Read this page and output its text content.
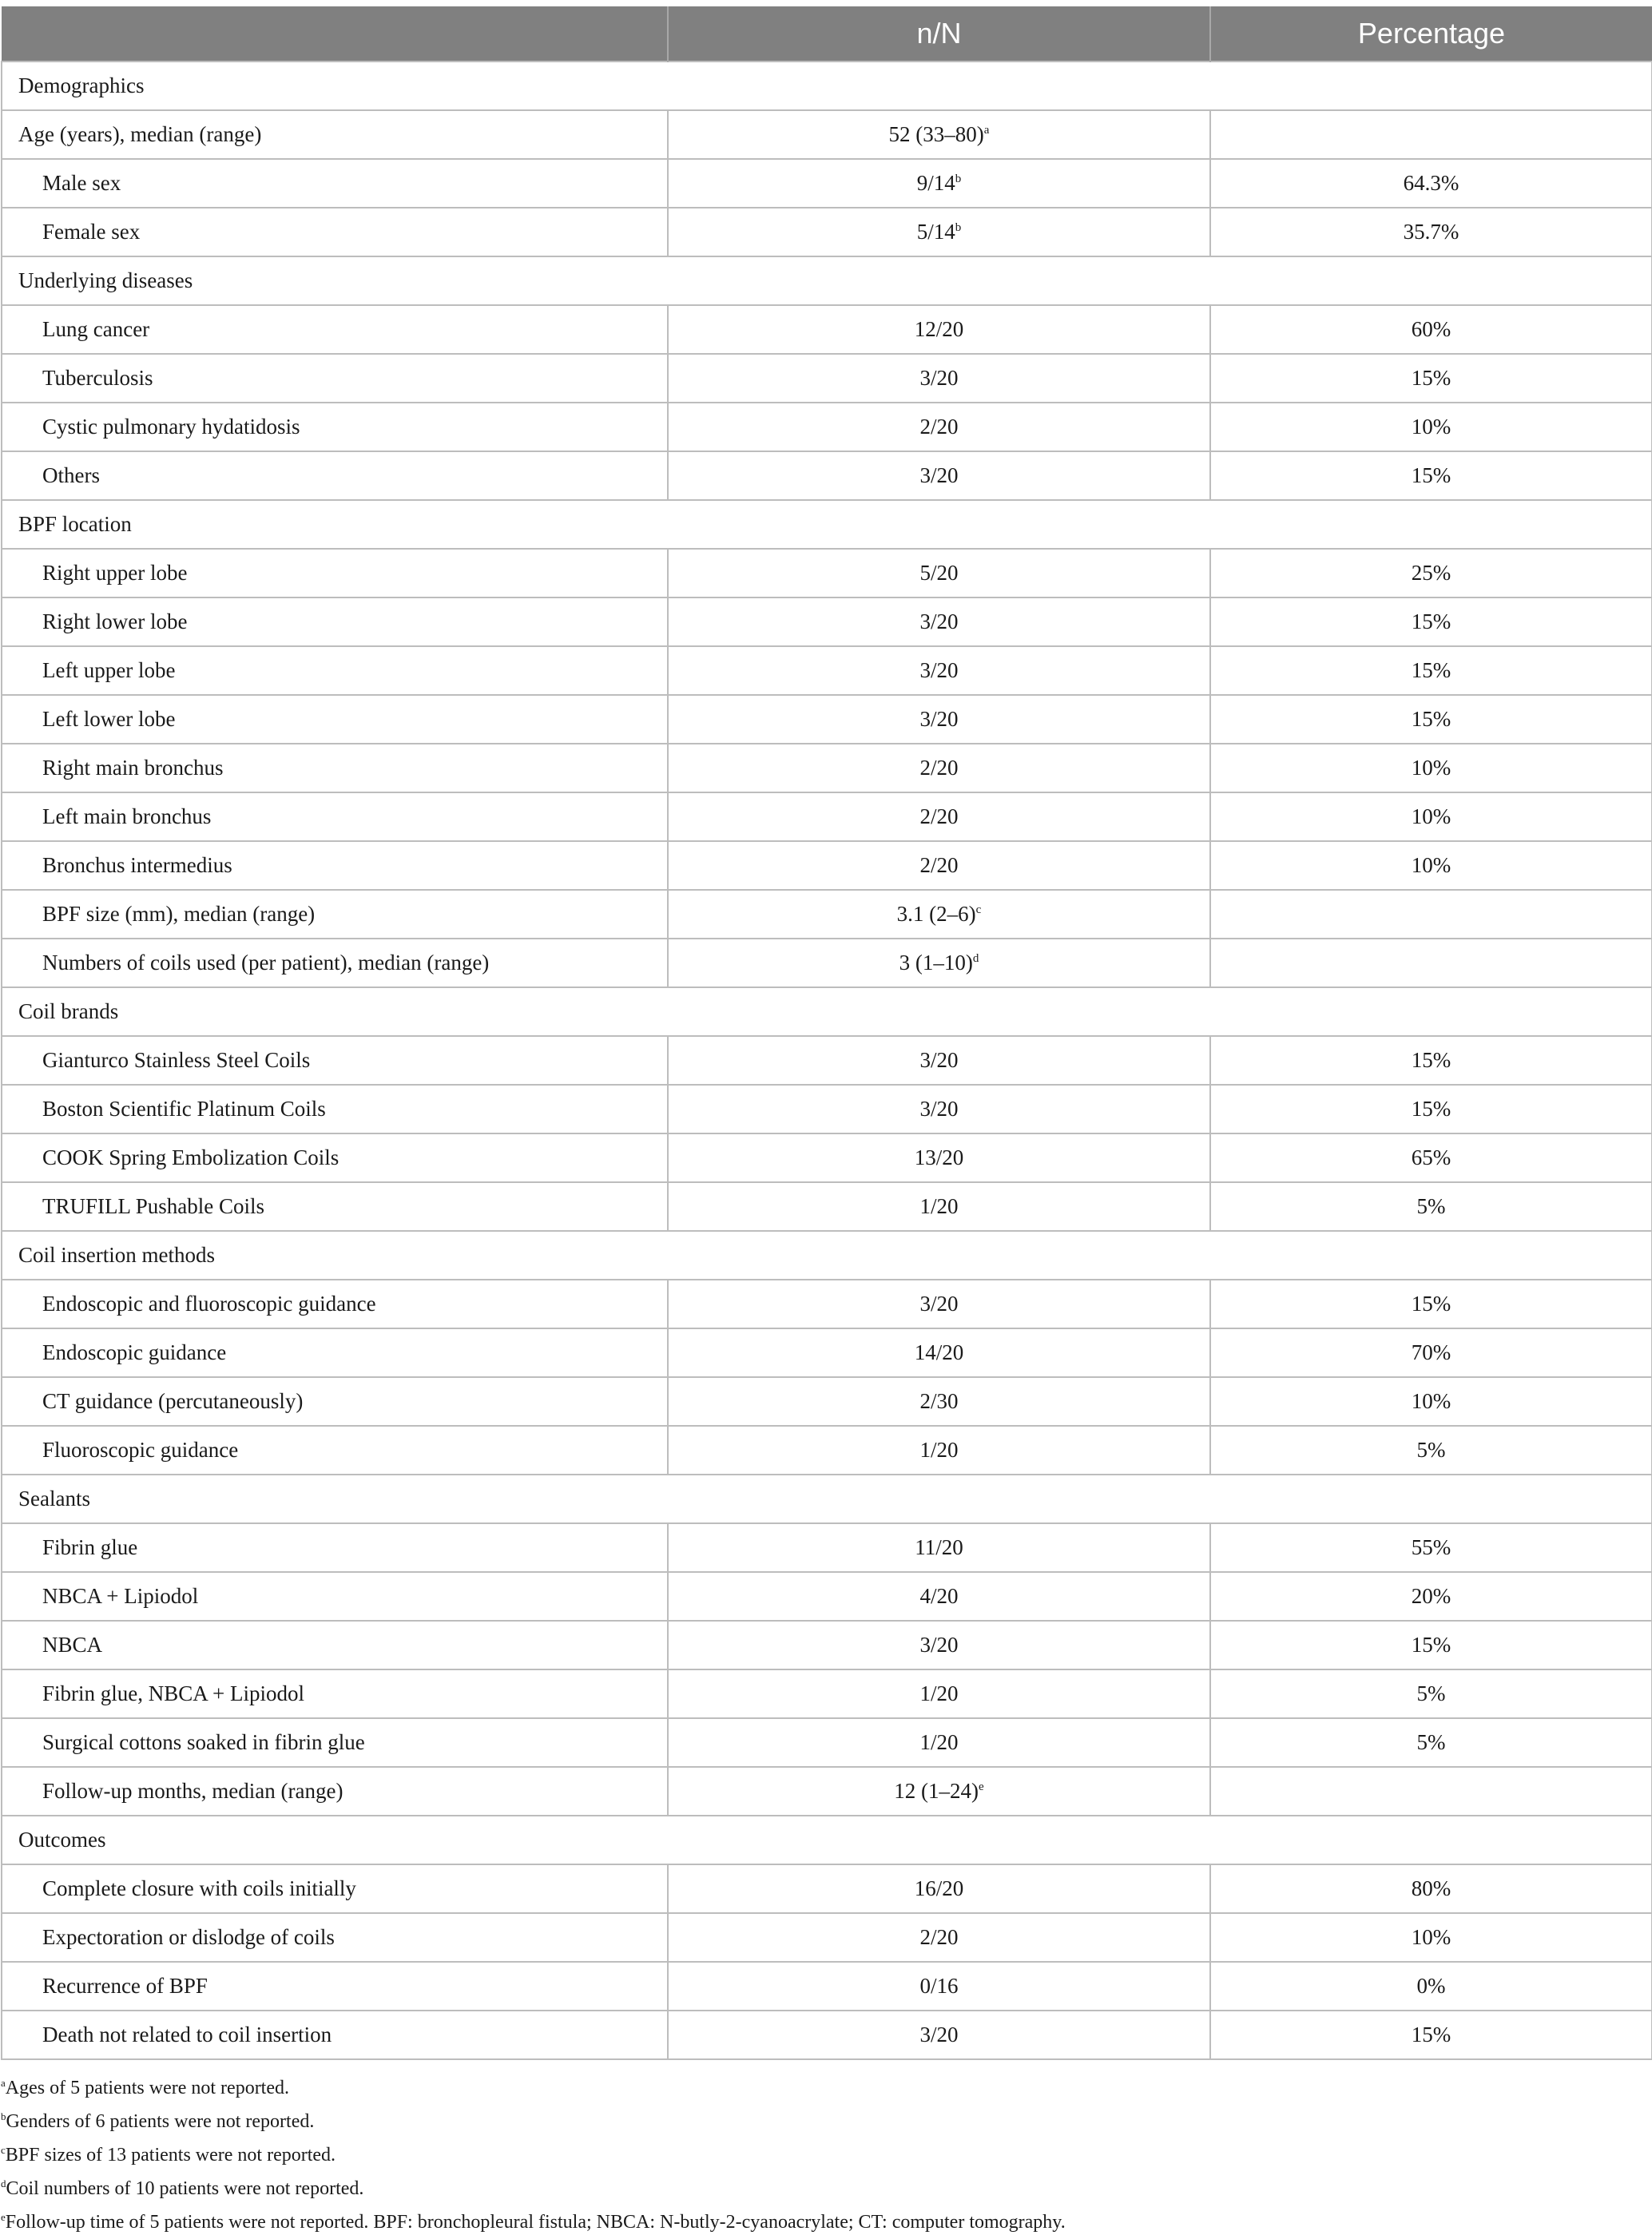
	n/N	Percentage
Demographics		
Age (years), median (range)	52 $(33-80)^a$	
Male sex	9/14$^b$	64.3%
Female sex	5/14$^b$	35.7%
Underlying diseases		
Lung cancer	12/20	60%
Tuberculosis	3/20	15%
Cystic pulmonary hydatidosis	2/20	10%
Others	3/20	15%
BPF location		
Right upper lobe	5/20	25%
Right lower lobe	3/20	15%
Left upper lobe	3/20	15%
Left lower lobe	3/20	15%
Right main bronchus	2/20	10%
Left main bronchus	2/20	10%
Bronchus intermedius	2/20	10%
BPF size (mm), median (range)	3.1 $(2-6)^c$	
Numbers of coils used (per patient), median (range)	3 $(1-10)^d$	
Coil brands		
Gianturco Stainless Steel Coils	3/20	15%
Boston Scientific Platinum Coils	3/20	15%
COOK Spring Embolization Coils	13/20	65%
TRUFILL Pushable Coils	1/20	5%
Coil insertion methods		
Endoscopic and fluoroscopic guidance	3/20	15%
Endoscopic guidance	14/20	70%
CT guidance (percutaneously)	2/30	10%
Fluoroscopic guidance	1/20	5%
Sealants		
Fibrin glue	11/20	55%
NBCA + Lipiodol	4/20	20%
NBCA	3/20	15%
Fibrin glue, NBCA + Lipiodol	1/20	5%
Surgical cottons soaked in fibrin glue	1/20	5%
Follow-up months, median (range)	12 $(1-24)^e$	
Outcomes		
Complete closure with coils initially	16/20	80%
Expectoration or dislodge of coils	2/20	10%
Recurrence of BPF	0/16	0%
Death not related to coil insertion	3/20	15%
$^a$Ages of 5 patients were not reported.
$^b$Genders of 6 patients were not reported.
$^c$BPF sizes of 13 patients were not reported.
$^d$Coil numbers of 10 patients were not reported.
$^e$Follow-up time of 5 patients were not reported. BPF: bronchopleural fistula; NBCA: N-butly-2-cyanoacrylate; CT: computer tomography.
